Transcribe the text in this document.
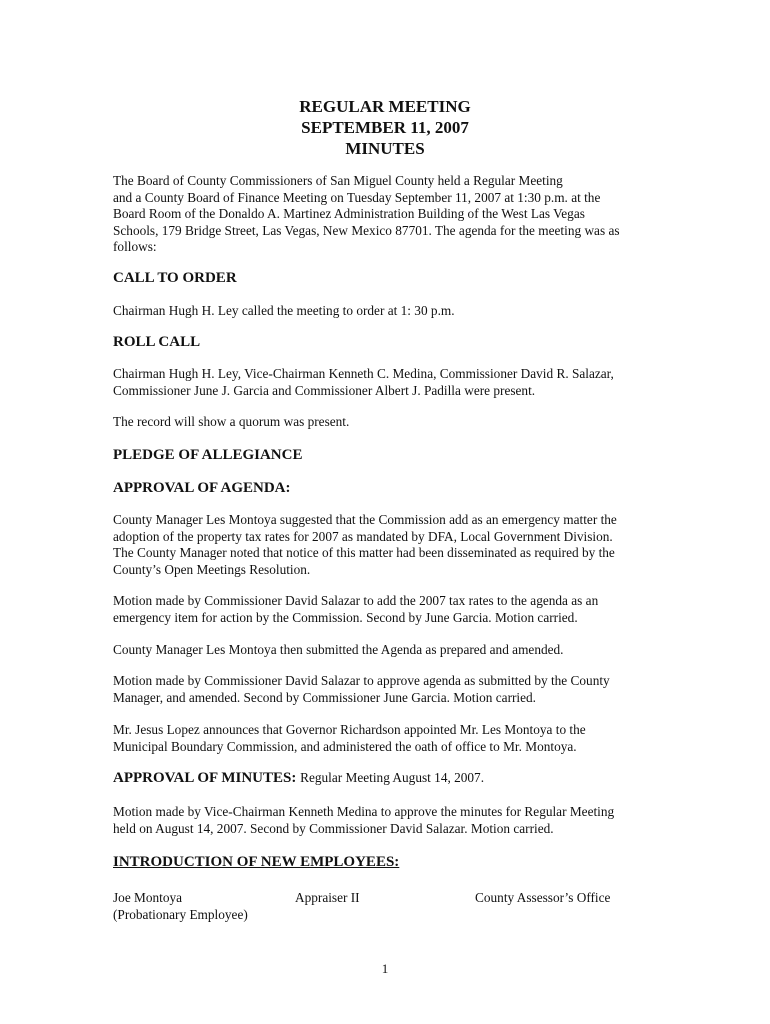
REGULAR MEETING
SEPTEMBER 11, 2007
MINUTES
The Board of County Commissioners of San Miguel County held a Regular Meeting
and a County Board of Finance Meeting on Tuesday September 11, 2007 at 1:30 p.m. at the
Board Room of the Donaldo A. Martinez Administration Building of the West Las Vegas
Schools, 179 Bridge Street, Las Vegas, New Mexico 87701. The agenda for the meeting was as
follows:
CALL TO ORDER
Chairman Hugh H. Ley called the meeting to order at 1: 30 p.m.
ROLL CALL
Chairman Hugh H. Ley, Vice-Chairman Kenneth C. Medina, Commissioner David R. Salazar,
Commissioner June J. Garcia and Commissioner Albert J. Padilla were present.
The record will show a quorum was present.
PLEDGE OF ALLEGIANCE
APPROVAL OF AGENDA:
County Manager Les Montoya suggested that the Commission add as an emergency matter the
adoption of the property tax rates for 2007 as mandated by DFA, Local Government Division.
The County Manager noted that notice of this matter had been disseminated as required by the
County’s Open Meetings Resolution.
Motion made by Commissioner David Salazar to add the 2007 tax rates to the agenda as an
emergency item for action by the Commission. Second by June Garcia. Motion carried.
County Manager Les Montoya then submitted the Agenda as prepared and amended.
Motion made by Commissioner David Salazar to approve agenda as submitted by the County
Manager, and amended. Second by Commissioner June Garcia. Motion carried.
Mr. Jesus Lopez announces that Governor Richardson appointed Mr. Les Montoya to the
Municipal Boundary Commission, and administered the oath of office to Mr. Montoya.
APPROVAL OF MINUTES: Regular Meeting August 14, 2007.
Motion made by Vice-Chairman Kenneth Medina to approve the minutes for Regular Meeting
held on August 14, 2007. Second by Commissioner David Salazar. Motion carried.
INTRODUCTION OF NEW EMPLOYEES:
Joe Montoya
(Probationary Employee)
Appraiser II	County Assessor’s Office
1
